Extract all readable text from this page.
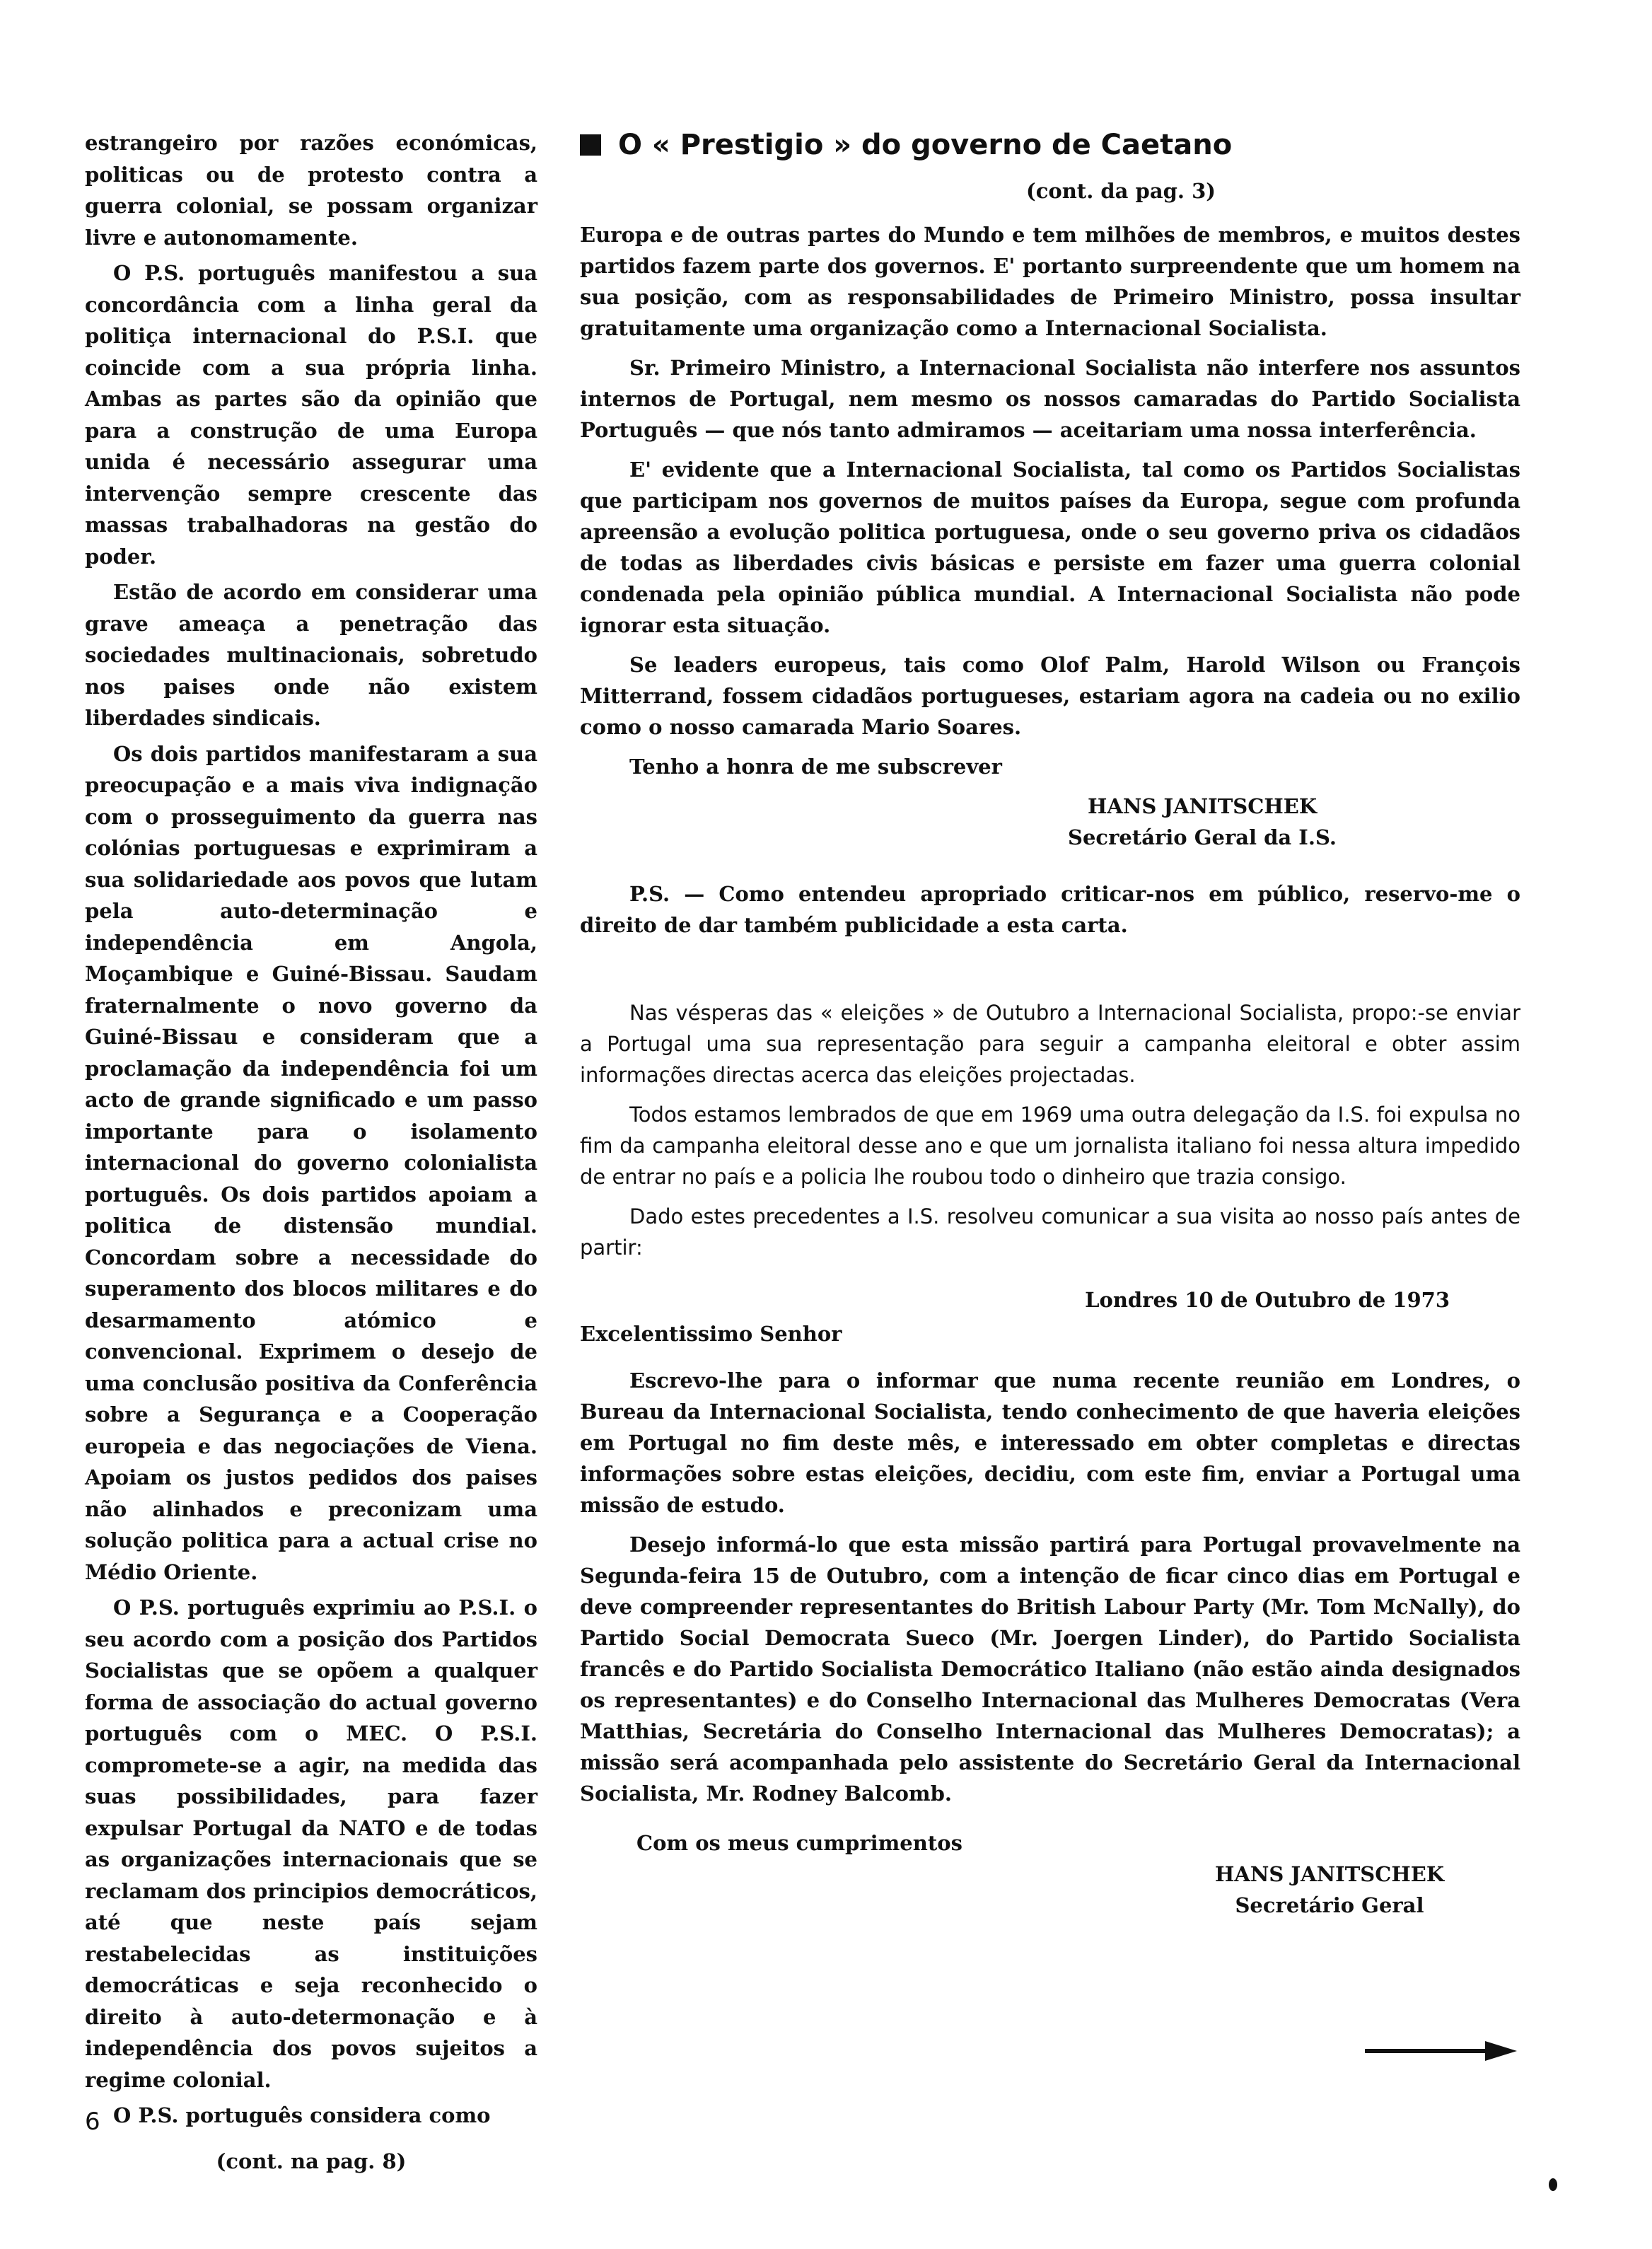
estrangeiro por razões económicas, politicas ou de protesto contra a guerra colonial, se possam organizar livre e autonomamente.

O P.S. português manifestou a sua concordância com a linha geral da politiça internacional do P.S.I. que coincide com a sua própria linha. Ambas as partes são da opinião que para a construção de uma Europa unida é necessário assegurar uma intervenção sempre crescente das massas trabalhadoras na gestão do poder.

Estão de acordo em considerar uma grave ameaça a penetração das sociedades multinacionais, sobretudo nos paises onde não existem liberdades sindicais.

Os dois partidos manifestaram a sua preocupação e a mais viva indignação com o prosseguimento da guerra nas colónias portuguesas e exprimiram a sua solidariedade aos povos que lutam pela auto-determinação e independência em Angola, Moçambique e Guiné-Bissau. Saudam fraternalmente o novo governo da Guiné-Bissau e consideram que a proclamação da independência foi um acto de grande significado e um passo importante para o isolamento internacional do governo colonialista português. Os dois partidos apoiam a politica de distensão mundial. Concordam sobre a necessidade do superamento dos blocos militares e do desarmamento atómico e convencional. Exprimem o desejo de uma conclusão positiva da Conferência sobre a Segurança e a Cooperação europeia e das negociações de Viena. Apoiam os justos pedidos dos paises não alinhados e preconizam uma solução politica para a actual crise no Médio Oriente.

O P.S. português exprimiu ao P.S.I. o seu acordo com a posição dos Partidos Socialistas que se opõem a qualquer forma de associação do actual governo português com o MEC. O P.S.I. compromete-se a agir, na medida das suas possibilidades, para fazer expulsar Portugal da NATO e de todas as organizações internacionais que se reclamam dos principios democráticos, até que neste país sejam restabelecidas as instituições democráticas e seja reconhecido o direito à auto-determonação e à independência dos povos sujeitos a regime colonial.

O P.S. português considera como

(cont. na pag. 8)

O « Prestigio » do governo de Caetano
(cont. da pag. 3)

Europa e de outras partes do Mundo e tem milhões de membros, e muitos destes partidos fazem parte dos governos. E' portanto surpreendente que um homem na sua posição, com as responsabilidades de Primeiro Ministro, possa insultar gratuitamente uma organização como a Internacional Socialista.

Sr. Primeiro Ministro, a Internacional Socialista não interfere nos assuntos internos de Portugal, nem mesmo os nossos camaradas do Partido Socialista Português — que nós tanto admiramos — aceitariam uma nossa interferência.

E' evidente que a Internacional Socialista, tal como os Partidos Socialistas que participam nos governos de muitos países da Europa, segue com profunda apreensão a evolução politica portuguesa, onde o seu governo priva os cidadãos de todas as liberdades civis básicas e persiste em fazer uma guerra colonial condenada pela opinião pública mundial. A Internacional Socialista não pode ignorar esta situação.

Se leaders europeus, tais como Olof Palm, Harold Wilson ou François Mitterrand, fossem cidadãos portugueses, estariam agora na cadeia ou no exilio como o nosso camarada Mario Soares.

Tenho a honra de me subscrever

HANS JANITSCHEK
Secretário Geral da I.S.

P.S. — Como entendeu apropriado criticar-nos em público, reservo-me o direito de dar também publicidade a esta carta.

Nas vésperas das « eleições » de Outubro a Internacional Socialista, propo:-se enviar a Portugal uma sua representação para seguir a campanha eleitoral e obter assim informações directas acerca das eleições projectadas.

Todos estamos lembrados de que em 1969 uma outra delegação da I.S. foi expulsa no fim da campanha eleitoral desse ano e que um jornalista italiano foi nessa altura impedido de entrar no país e a policia lhe roubou todo o dinheiro que trazia consigo.

Dado estes precedentes a I.S. resolveu comunicar a sua visita ao nosso país antes de partir:

Londres 10 de Outubro de 1973
Excelentissimo Senhor

Escrevo-lhe para o informar que numa recente reunião em Londres, o Bureau da Internacional Socialista, tendo conhecimento de que haveria eleições em Portugal no fim deste mês, e interessado em obter completas e directas informações sobre estas eleições, decidiu, com este fim, enviar a Portugal uma missão de estudo.

Desejo informá-lo que esta missão partirá para Portugal provavelmente na Segunda-feira 15 de Outubro, com a intenção de ficar cinco dias em Portugal e deve compreender representantes do British Labour Party (Mr. Tom McNally), do Partido Social Democrata Sueco (Mr. Joergen Linder), do Partido Socialista francês e do Partido Socialista Democrático Italiano (não estão ainda designados os representantes) e do Conselho Internacional das Mulheres Democratas (Vera Matthias, Secretária do Conselho Internacional das Mulheres Democratas); a missão será acompanhada pelo assistente do Secretário Geral da Internacional Socialista, Mr. Rodney Balcomb.

Com os meus cumprimentos
HANS JANITSCHEK
Secretário Geral
6
